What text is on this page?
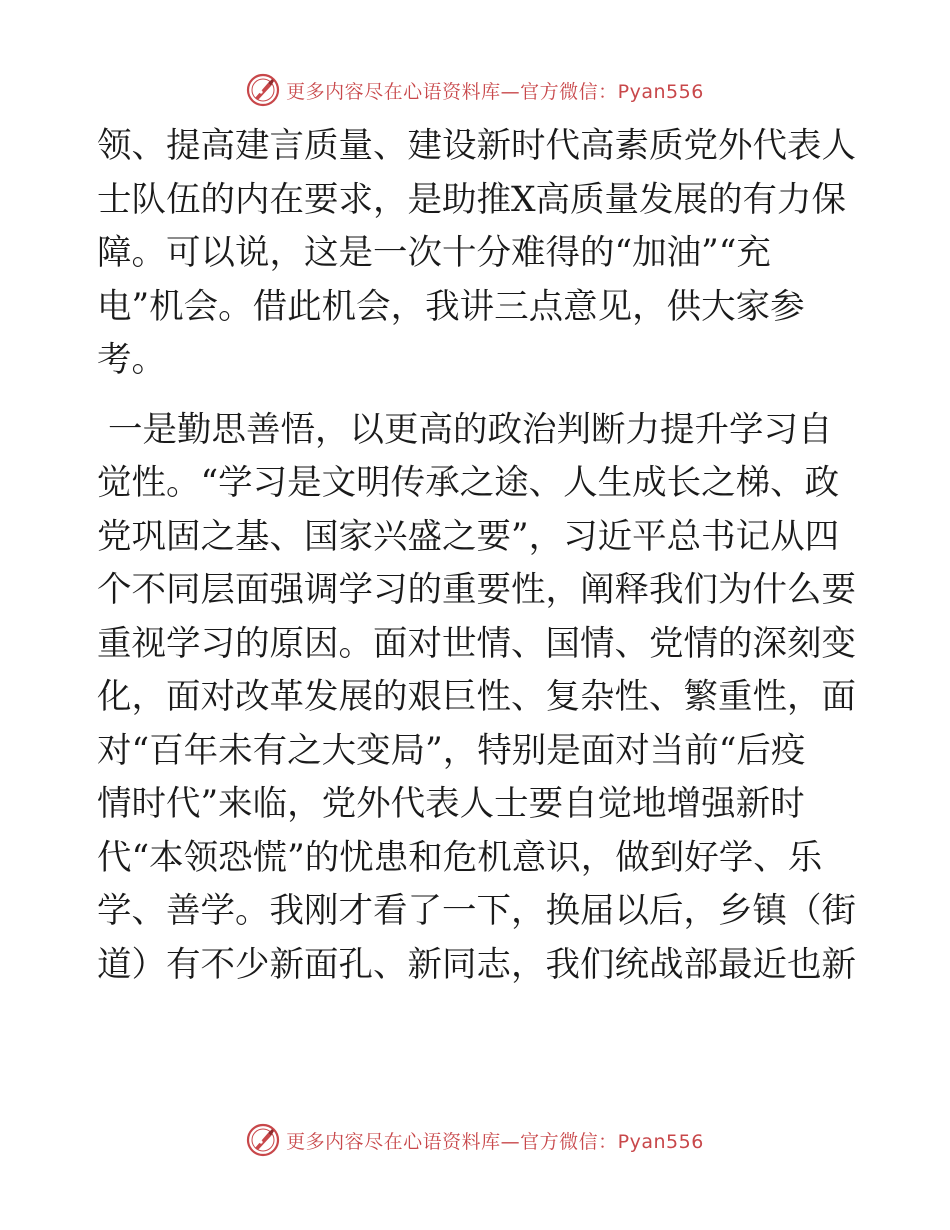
更多内容尽在心语资料库—官方微信：Pyan556
领、提高建言质量、建设新时代高素质党外代表人
士队伍的内在要求，是助推X高质量发展的有力保
障。可以说，这是一次十分难得的“加油”“充
电”机会。借此机会，我讲三点意见，供大家参
考。
一是勤思善悟，以更高的政治判断力提升学习自
觉性。“学习是文明传承之途、人生成长之梯、政
党巩固之基、国家兴盛之要”，习近平总书记从四
个不同层面强调学习的重要性，阐释我们为什么要
重视学习的原因。面对世情、国情、党情的深刻变
化，面对改革发展的艰巨性、复杂性、繁重性，面
对“百年未有之大变局”，特别是面对当前“后疫
情时代”来临，党外代表人士要自觉地增强新时
代“本领恐慌”的忧患和危机意识，做到好学、乐
学、善学。我刚才看了一下，换届以后，乡镇（街
道）有不少新面孔、新同志，我们统战部最近也新
更多内容尽在心语资料库—官方微信：Pyan556
